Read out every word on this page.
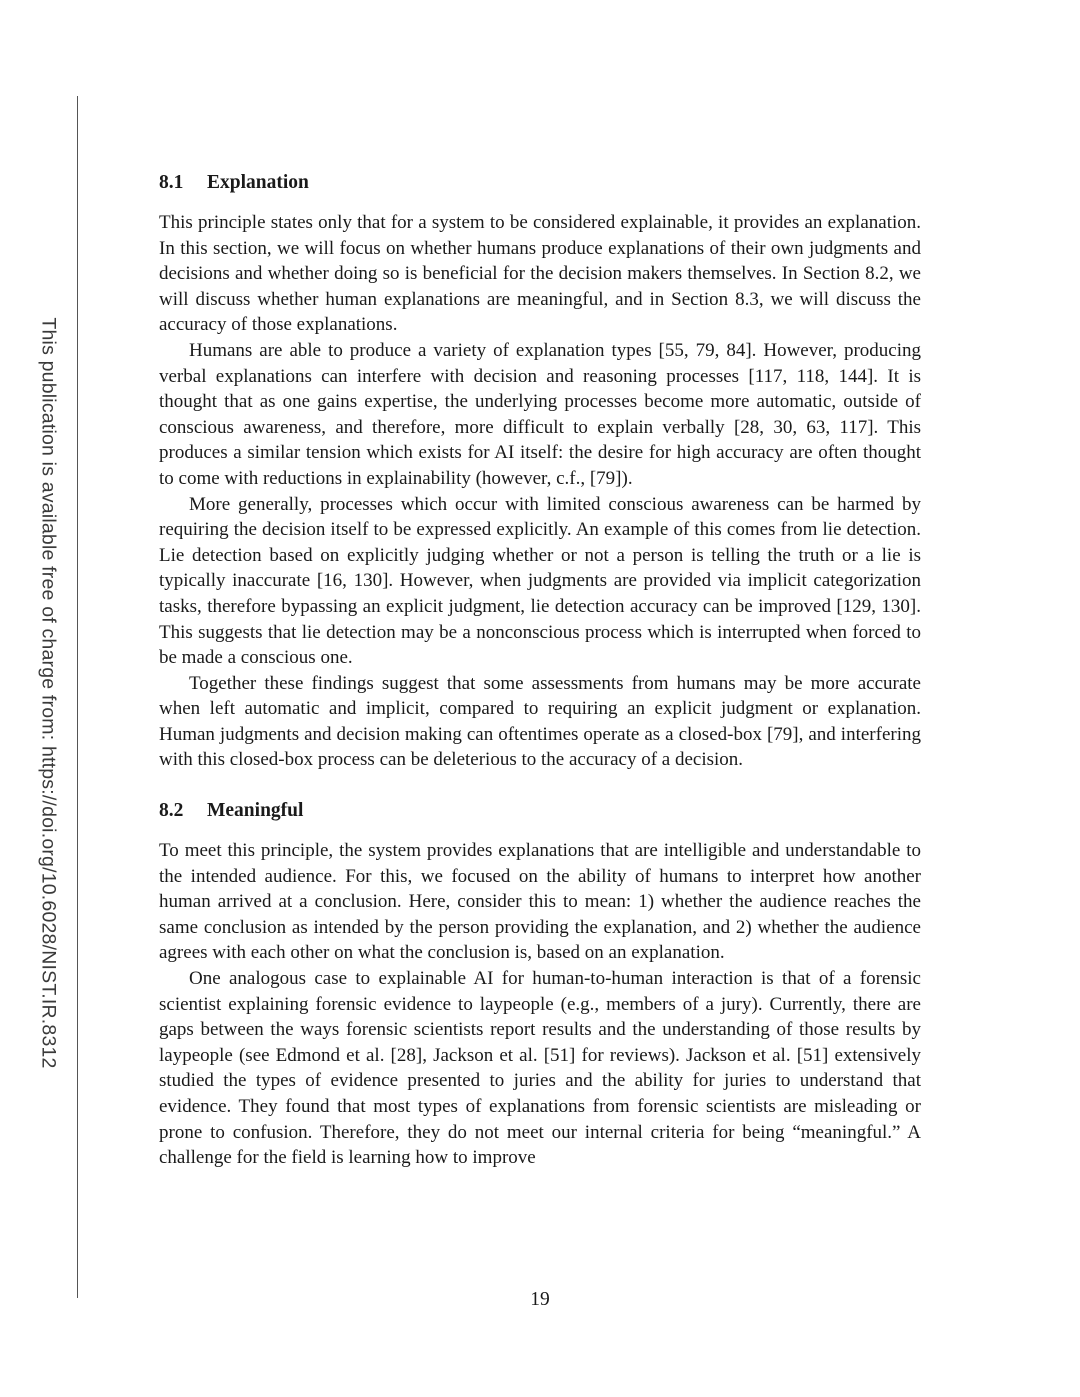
This publication is available free of charge from: https://doi.org/10.6028/NIST.IR.8312
8.1 Explanation

This principle states only that for a system to be considered explainable, it provides an explanation. In this section, we will focus on whether humans produce explanations of their own judgments and decisions and whether doing so is beneficial for the decision makers themselves. In Section 8.2, we will discuss whether human explanations are meaningful, and in Section 8.3, we will discuss the accuracy of those explanations.

Humans are able to produce a variety of explanation types [55, 79, 84]. However, producing verbal explanations can interfere with decision and reasoning processes [117, 118, 144]. It is thought that as one gains expertise, the underlying processes become more automatic, outside of conscious awareness, and therefore, more difficult to explain verbally [28, 30, 63, 117]. This produces a similar tension which exists for AI itself: the desire for high accuracy are often thought to come with reductions in explainability (however, c.f., [79]).

More generally, processes which occur with limited conscious awareness can be harmed by requiring the decision itself to be expressed explicitly. An example of this comes from lie detection. Lie detection based on explicitly judging whether or not a person is telling the truth or a lie is typically inaccurate [16, 130]. However, when judgments are provided via implicit categorization tasks, therefore bypassing an explicit judgment, lie detection accuracy can be improved [129, 130]. This suggests that lie detection may be a nonconscious process which is interrupted when forced to be made a conscious one.

Together these findings suggest that some assessments from humans may be more accurate when left automatic and implicit, compared to requiring an explicit judgment or explanation. Human judgments and decision making can oftentimes operate as a closed-box [79], and interfering with this closed-box process can be deleterious to the accuracy of a decision.

8.2 Meaningful

To meet this principle, the system provides explanations that are intelligible and understandable to the intended audience. For this, we focused on the ability of humans to interpret how another human arrived at a conclusion. Here, consider this to mean: 1) whether the audience reaches the same conclusion as intended by the person providing the explanation, and 2) whether the audience agrees with each other on what the conclusion is, based on an explanation.

One analogous case to explainable AI for human-to-human interaction is that of a forensic scientist explaining forensic evidence to laypeople (e.g., members of a jury). Currently, there are gaps between the ways forensic scientists report results and the understanding of those results by laypeople (see Edmond et al. [28], Jackson et al. [51] for reviews). Jackson et al. [51] extensively studied the types of evidence presented to juries and the ability for juries to understand that evidence. They found that most types of explanations from forensic scientists are misleading or prone to confusion. Therefore, they do not meet our internal criteria for being “meaningful.” A challenge for the field is learning how to improve

19
